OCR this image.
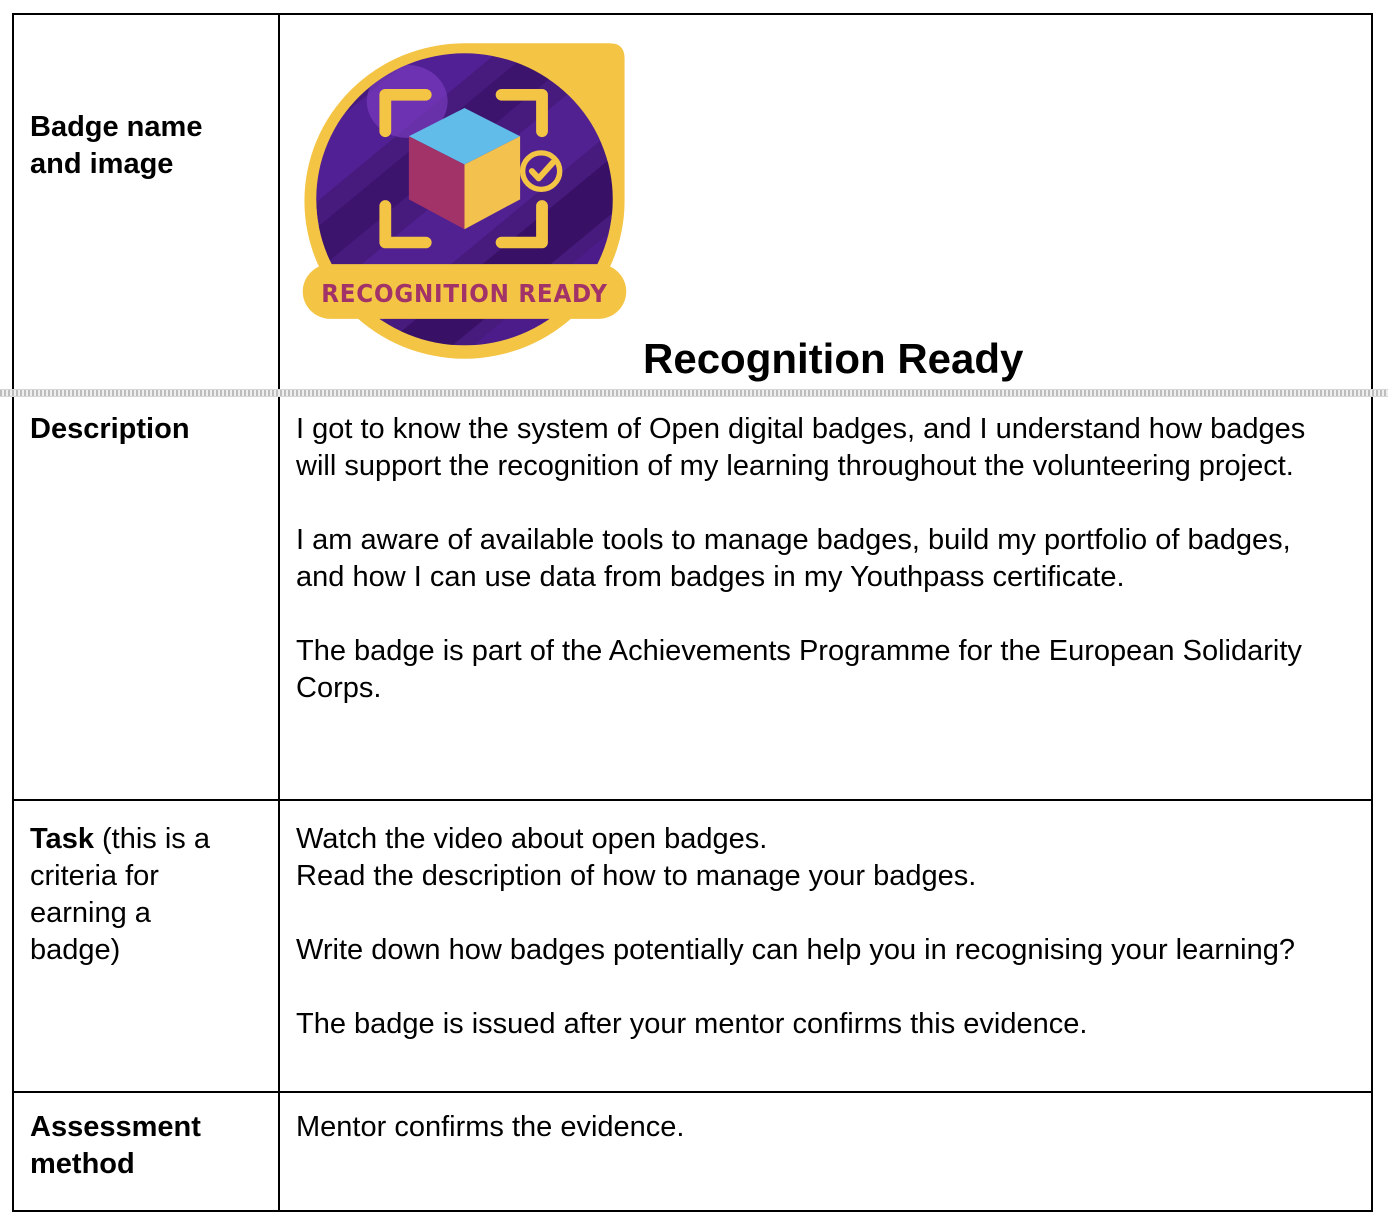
Badge name and image	RECOGNITION READY
Recognition Ready

Description	I got to know the system of Open digital badges, and I understand how badges will support the recognition of my learning throughout the volunteering project.

I am aware of available tools to manage badges, build my portfolio of badges, and how I can use data from badges in my Youthpass certificate.

The badge is part of the Achievements Programme for the European Solidarity Corps.

Task (this is a criteria for earning a badge)	Watch the video about open badges.

Read the description of how to manage your badges.

Write down how badges potentially can help you in recognising your learning?

The badge is issued after your mentor confirms this evidence.

Assessment method	Mentor confirms the evidence.
